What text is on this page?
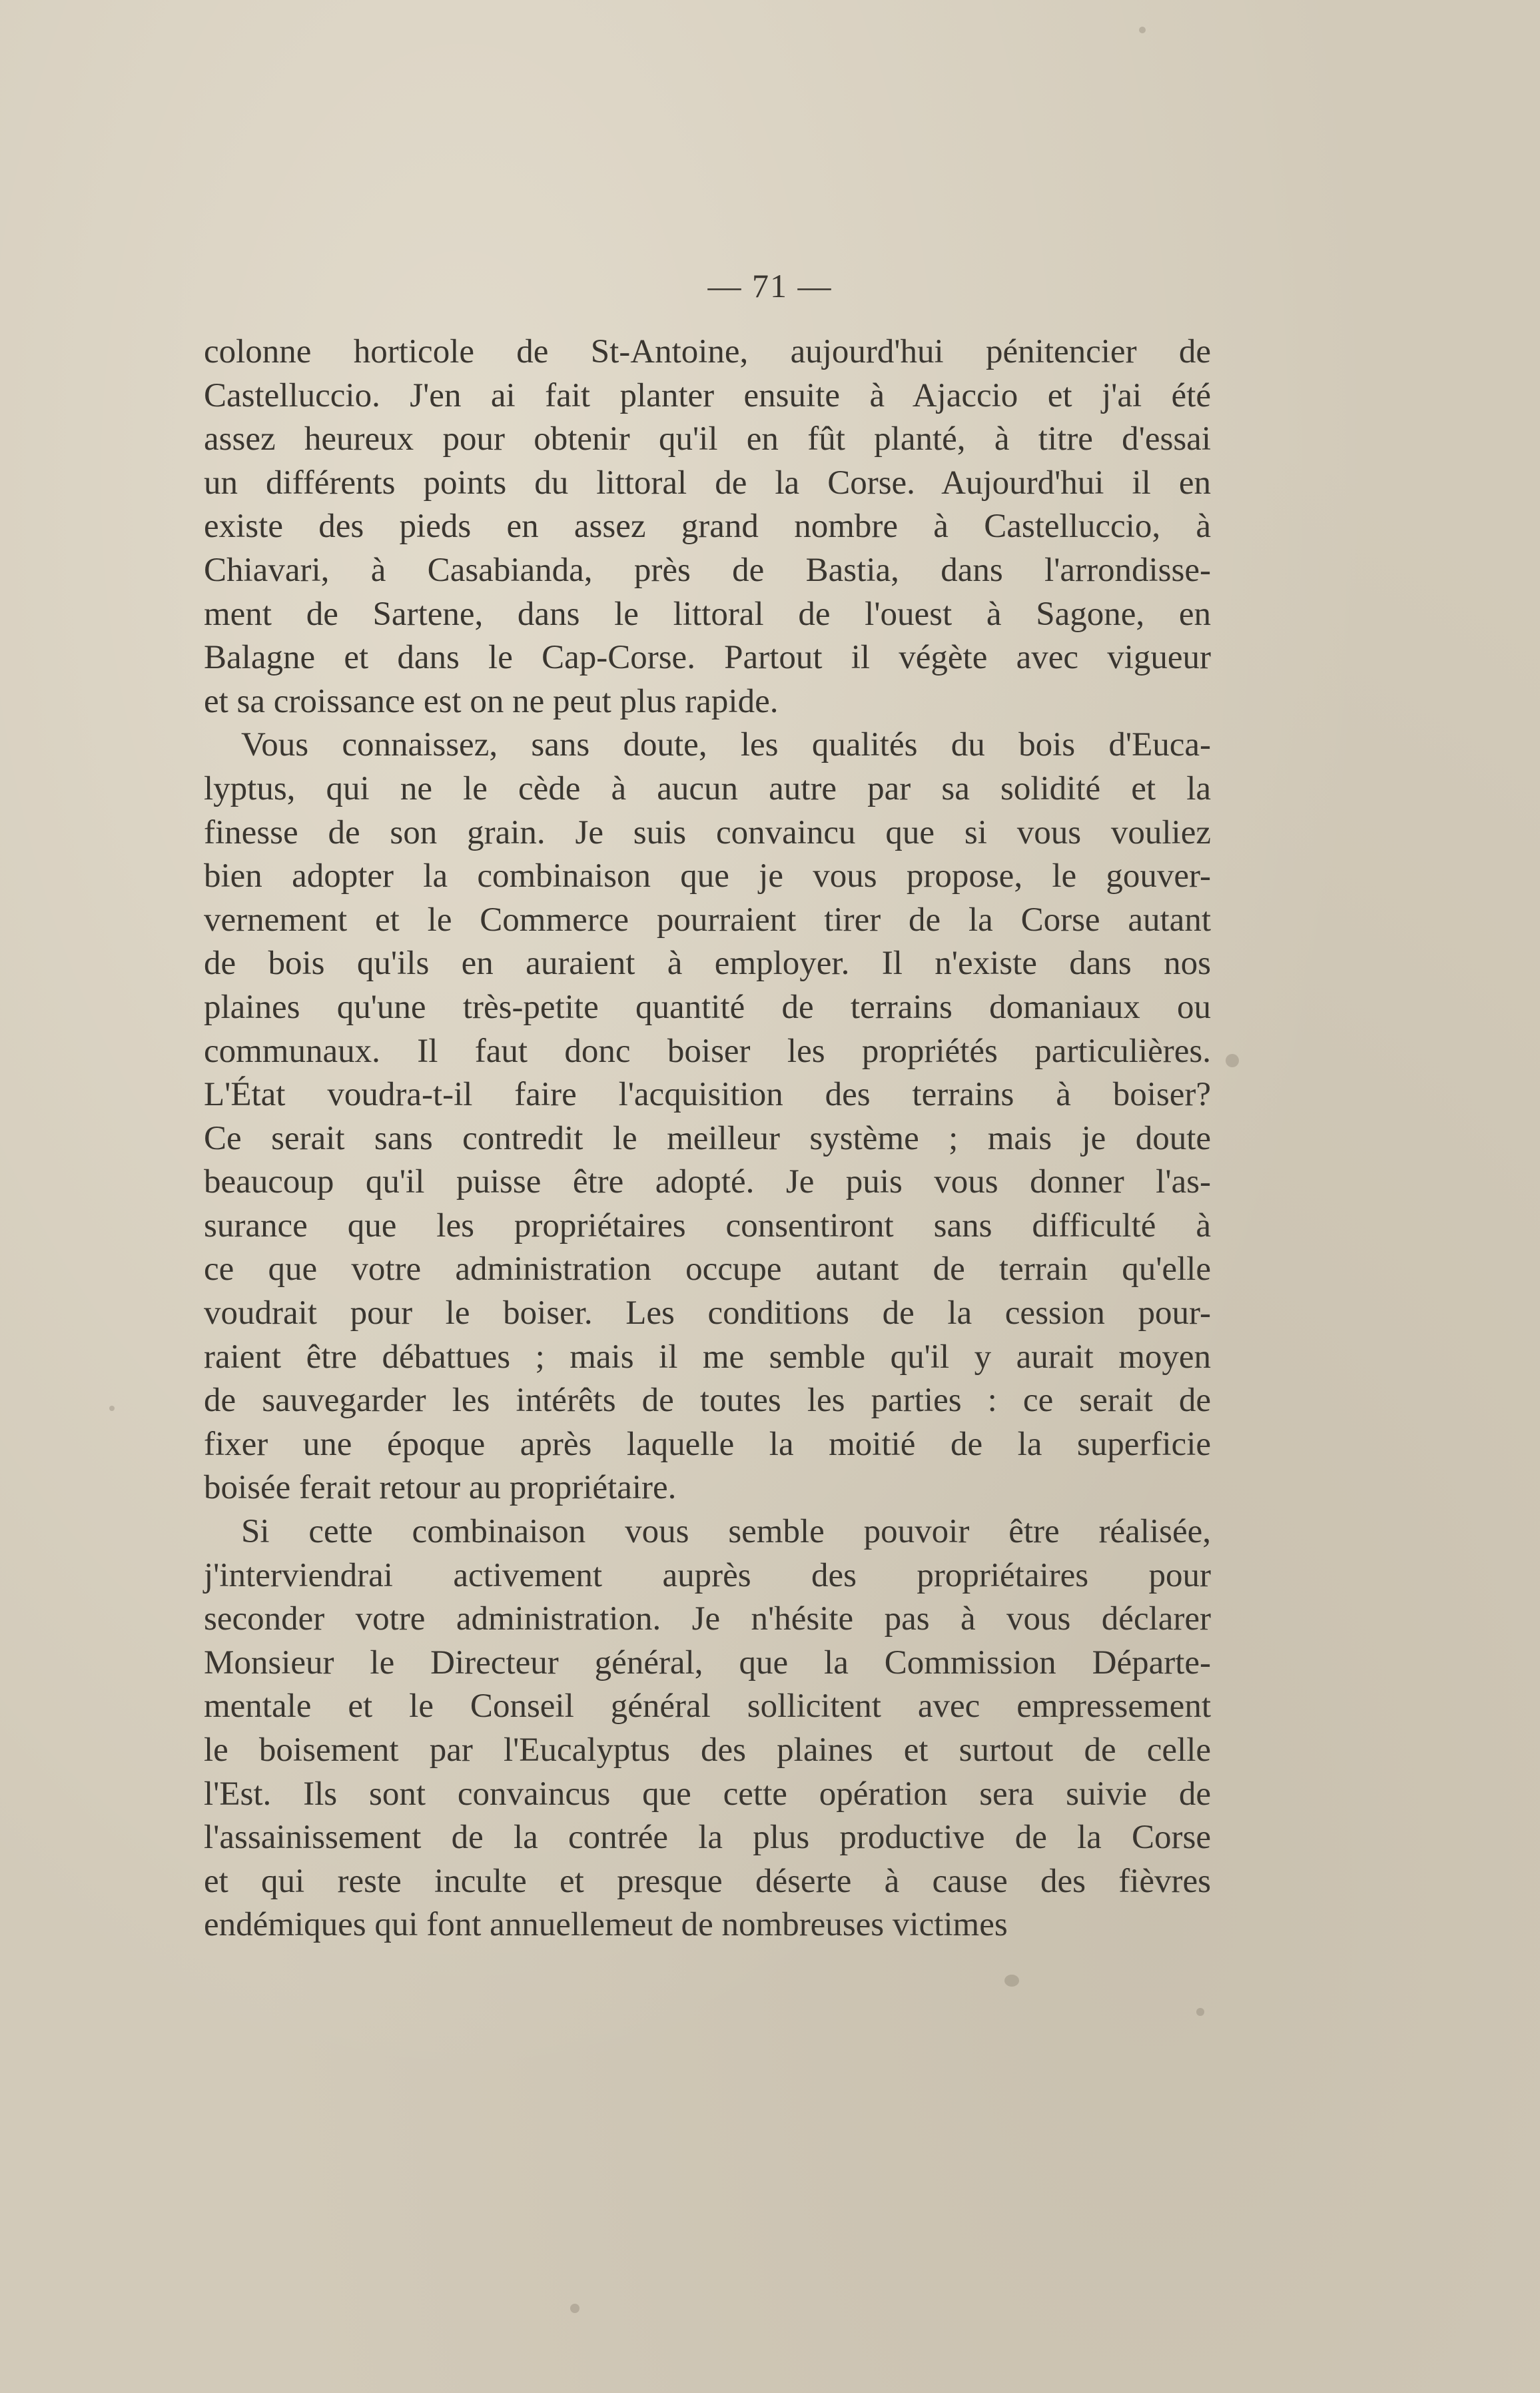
— 71 —
colonne horticole de St-Antoine, aujourd'hui pénitencier de
Castelluccio. J'en ai fait planter ensuite à Ajaccio et j'ai été
assez heureux pour obtenir qu'il en fût planté, à titre d'essai
un différents points du littoral de la Corse. Aujourd'hui il en
existe des pieds en assez grand nombre à Castelluccio, à
Chiavari, à Casabianda, près de Bastia, dans l'arrondisse-
ment de Sartene, dans le littoral de l'ouest à Sagone, en
Balagne et dans le Cap-Corse. Partout il végète avec vigueur
et sa croissance est on ne peut plus rapide.
Vous connaissez, sans doute, les qualités du bois d'Euca-
lyptus, qui ne le cède à aucun autre par sa solidité et la
finesse de son grain. Je suis convaincu que si vous vouliez
bien adopter la combinaison que je vous propose, le gouver-
vernement et le Commerce pourraient tirer de la Corse autant
de bois qu'ils en auraient à employer. Il n'existe dans nos
plaines qu'une très-petite quantité de terrains domaniaux ou
communaux. Il faut donc boiser les propriétés particulières.
L'État voudra-t-il faire l'acquisition des terrains à boiser?
Ce serait sans contredit le meilleur système ; mais je doute
beaucoup qu'il puisse être adopté. Je puis vous donner l'as-
surance que les propriétaires consentiront sans difficulté à
ce que votre administration occupe autant de terrain qu'elle
voudrait pour le boiser. Les conditions de la cession pour-
raient être débattues ; mais il me semble qu'il y aurait moyen
de sauvegarder les intérêts de toutes les parties : ce serait de
fixer une époque après laquelle la moitié de la superficie
boisée ferait retour au propriétaire.
Si cette combinaison vous semble pouvoir être réalisée,
j'interviendrai activement auprès des propriétaires pour
seconder votre administration. Je n'hésite pas à vous déclarer
Monsieur le Directeur général, que la Commission Départe-
mentale et le Conseil général sollicitent avec empressement
le boisement par l'Eucalyptus des plaines et surtout de celle
l'Est. Ils sont convaincus que cette opération sera suivie de
l'assainissement de la contrée la plus productive de la Corse
et qui reste inculte et presque déserte à cause des fièvres
endémiques qui font annuellemeut de nombreuses victimes
